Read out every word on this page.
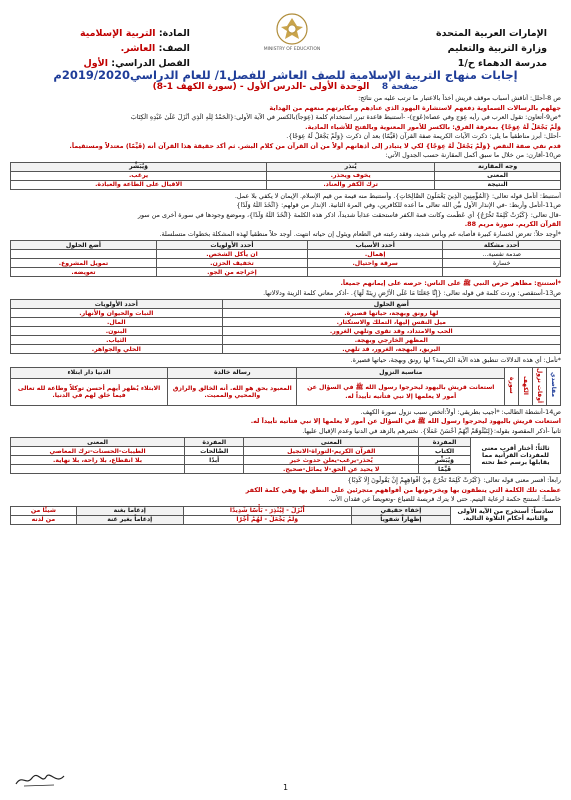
الإمارات العربية المتحدة
وزارة التربية والتعليم
مدرسة الدهماء ح/1
MINISTRY OF EDUCATION
المادة: التربية الإسلامية
الصف: العاشر.
الفصل الدراسي: الأول
إجابات منهاج التربية الإسلامية للصف العاشر للفصل1/ للعام الدراسي2019/2020م
صفحة 8    الوحدة الأولى -الدرس الأول - (سورة الكهف 1-8)
ص 8-أحلل: أناقش أسباب موقف قريش أخذاً بالاعتبار ما ترتب عليه من نتائج:
جهلهم بالرسالات السماوية دفعهم لاستشارة اليهود الذي عنادهم ومكابرتهم منعهم من الهداية
*ص9-أتعاون: تقول العرب في رأيه عِوَج وفي عصاه(عَوَج)- -أستنبط قاعدة تبرر استخدام كلمة (عِوَجاً)بالكسر في الآية الأولى:{الْحَمْدُ لِلَّهِ الَّذِي أَنْزَلَ عَلَىٰ عَبْدِهِ الْكِتَابَ
وَلَمْ يَجْعَلْ لَهُ عِوَجًا} بمعرفة الفرق: بالكسر للأمور المعنوية وبالفتح للأشياء المادية.
-أحلل: أبرز مناطقياً ما يلي: ذكرت الآيات الكريمة صفة القرآن (قَيِّمًا) بعد أن ذكرت {وَلَمْ يَجْعَلْ لَهُ عِوَجًا}.
قدم نفي صفة النقص {وَلَمْ يَجْعَلْ لَهُ عِوَجًا} لكي لا يتبادر إلى أذهانهم أولاً من أن القرآن من كلام البشر. ثم أكد حقيقة هذا القرآن أنه (قَيِّمًا) معتدلاً ومستقيماً.
ص10-أقارن: من خلال ما سبق أكمل المقارنة حسب الجدول الآتي:
وجه المقارنة	يُنذر	وَيُبَشِّر
المعنى	يخوف ويحذر.	يرغب.
النتيجة	ترك الكفر والعناد.	الاقبال على الطاعة والعبادة.
أستنبط: أتأمل قوله تعالى: {الْمُؤْمِنِينَ الَّذِينَ يَعْمَلُونَ الصَّالِحَاتِ}. وأستنبط منه قيمة من قيم الإسلام. الإيمان لا يكفي بلا عمل.
ص11-أتأمل وأربط: -في الإنذار الأول بيَّن الله تعالى ما أعده للكافرين، وفي المرة الثانية. الإنذار من قولهم: {اتَّخَذَ اللَّهُ وَلَدًا}
-قال تعالى: {كَبُرَتْ كَلِمَةً تَخْرُجُ} أي عَظُمت وكانت قمة الكفر فاستحقت عذاباً شديداً، اذكر هذه الكلمة {اتَّخَذَ اللَّهُ وَلَدًا}، وموضع وجودها في سورة أخرى من سور
القرآن الكريم. سورة مريم 88.
*أوجد حلاً: تعرض لخسارة كبيرة فأصابه غم وبأس شديد، وفقد رغبته في الطعام ويئول إن حياته انتهت. أوجد حلاً منطقياً لهذه المشكلة بخطوات متسلسلة.
أحدد مشكلة	أحدد الأسباب	أحدد الأولويات	أضع الحلول
صدمة نفسية...	إهمال.	ان يأكل الشخص.	
خسارة	سرقة واحتيال.	تخفيف الحزن.	تمويل المشروع.
		إخراجه من الجو.	تعويضه.
*أستنتج: مظاهر حرص النبي ﷺ على الناس: حرصه على إيمانهم جميعاً.
ص13-أستقصي: وردت كلمة في قوله تعالى: {إِنَّا جَعَلْنَا مَا عَلَى الْأَرْضِ زِينَةً لَهَا}. -أذكر معاني كلمة الزينة ودلالاتها.
أضع الحلول	أحدد الأولويات
لها رونق وبهجة، حياتها قصيرة.	النبات والحيوان والأنهار.
ميل النفس إليها، التملك والاستكثار.	المال.
الحب والامتداد، وقد تقوى وتلهي الغرور.	البنون.
المظهر الخارجي وبهجة.	الثياب.
البريق، البهجة، الغرور، قد تلهي.	الحلي والجواهر.
*تأمل: أي هذه الدلالات تنطبق هذه الآية الكريمة؟ لها رونق وبهجة، حياتها قصيرة.
مقاصدي	أوقات نزول	الكهف	سورة	مناسبة النزول	رسالة خالدة	الدنيا دار ابتلاء
				استعانت قريش باليهود ليحرجوا رسول الله ﷺ في السؤال عن أمور لا يعلمها إلا نبي فتأتيه تأييداً له.	المعبود بحق هو الله. أنه الخالق والرازق والمحيي والمميت.	الابتلاء يُظهر أيهم أحسن توكلاً وطاعة لله تعالى فيما خلق لهم في الدنيا.
ص14-أنشطة الطالب: *أجيب بطريقي: أولاً:أتخص سبب نزول سورة الكهف.
استعانت قريش باليهود ليحرجوا رسول الله ﷺ في السؤال عن أمور لا يعلمها إلا نبي فتأتيه تأييداً له.
ثانياً -أذكر المقصود بقوله:{لِنَبْلُوَهُمْ أَيُّهُمْ أَحْسَنُ عَمَلًا}. نختبرهم بالزهد في الدنيا وعدم الإقبال عليها.
ثالثاً: أختار أقرب معنى للمفردات القرآنية مما يقابلها برسم خط تحته	المفردة	المعنى	المفردة	المعنى
	الكتاب	القرآن الكريم-التوراة-الانجيل	الصَّالحات	الطيبات-الحسنات-ترك المعاصي
	وَيُبَشِّر	يُحذر-يرغب-يعلن حدوث خير	أبدًا	بلا انقطاع، بلا راحة، بلا نهاية.
	قَيِّمًا	لا يحيد عن الحق-لا يمائل-صحيح.		
رابعاً: أفسر معنى قوله تعالى: {كَبُرَتْ كَلِمَةً تَخْرُجُ مِنْ أَفْوَاهِهِمْ إِنْ يَقُولُونَ إِلَّا كَذِبًا}
عظمت تلك الكلمة التي ينطقون بها ويخرجونها من أفواههم متجرئين على النطق بها وهي كلمة الكفر
خامساً: أستنتج حكمة لرعاية اليتيم. حتى لا يترك فريسة للضياع -وتعويضاً عن فقدان الأب.
سادساً: أستخرج من الآية الأولى والثانية أحكام التلاوة التالية.	إخفاء حقيقي	أَنْزَلَ - لِيُنْذِرَ - بَأْسًا شَدِيدًا	إدغاما بغنة	شيئًا من
	إظهاراً شفوياً	وَلَمْ يَجْعَلْ - لَهُمْ أَجْرًا	إدغاماً بغير غنة	من لدنه
1
